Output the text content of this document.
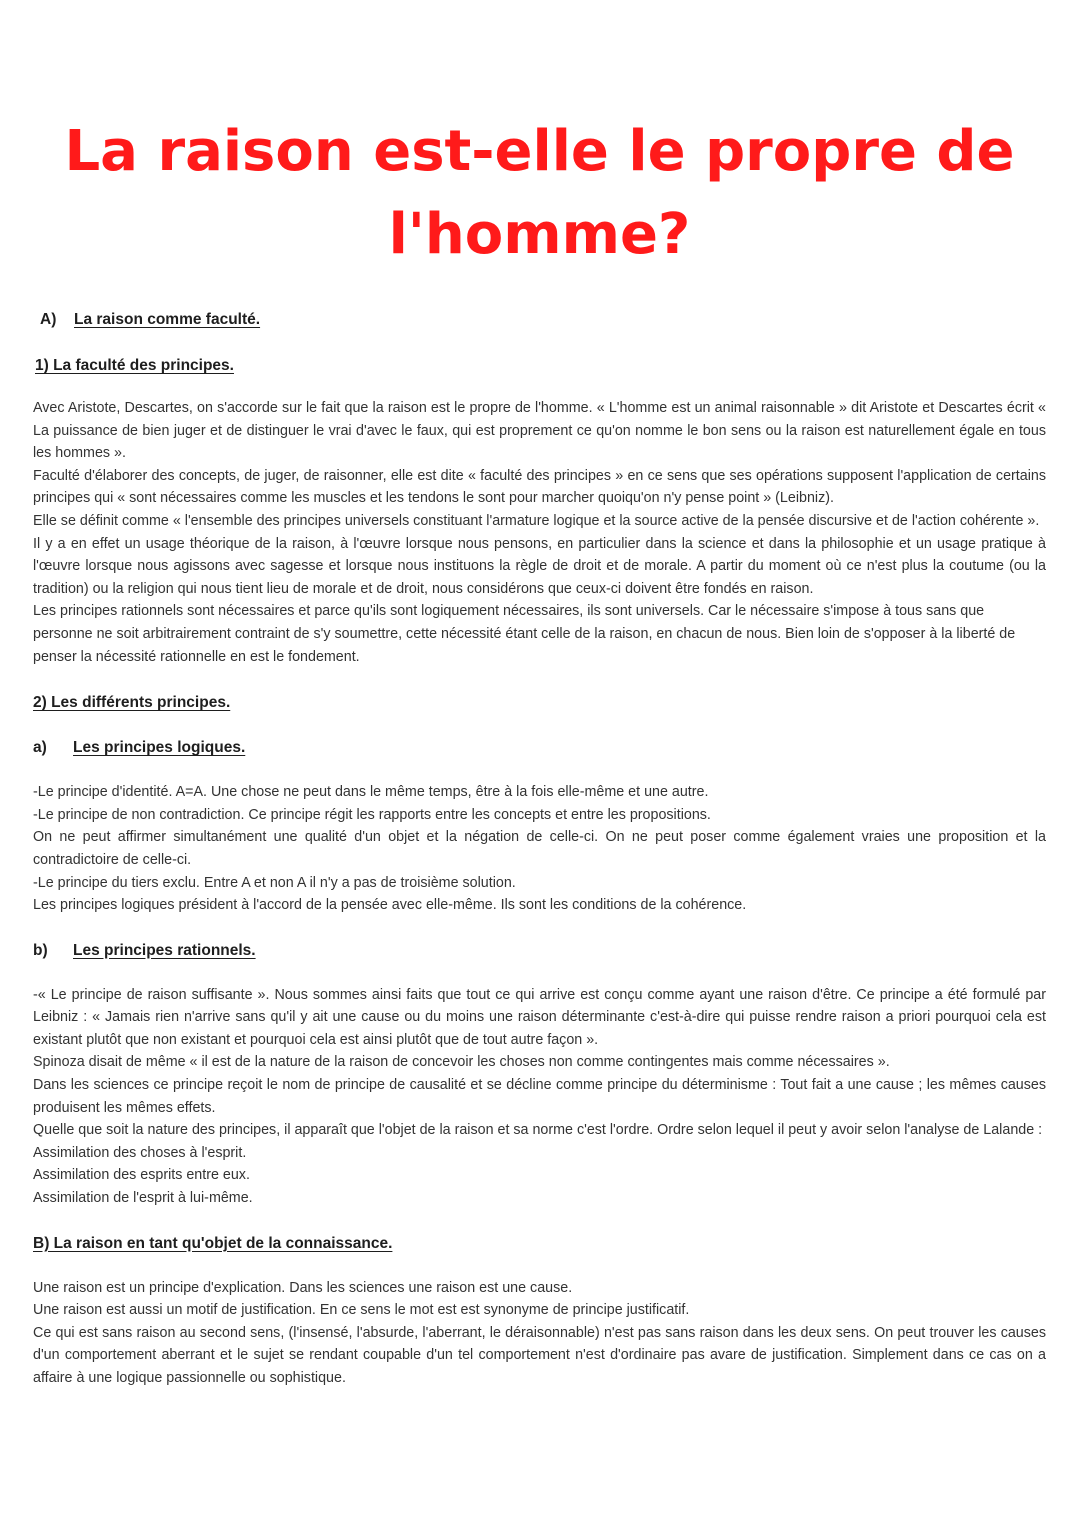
La raison est-elle le propre de l'homme?
A) La raison comme faculté.
1) La faculté des principes.

Avec Aristote, Descartes, on s'accorde sur le fait que la raison est le propre de l'homme. « L'homme est un animal raisonnable » dit Aristote et Descartes écrit « La puissance de bien juger et de distinguer le vrai d'avec le faux, qui est proprement ce qu'on nomme le bon sens ou la raison est naturellement égale en tous les hommes ».

Faculté d'élaborer des concepts, de juger, de raisonner, elle est dite « faculté des principes » en ce sens que ses opérations supposent l'application de certains principes qui « sont nécessaires comme les muscles et les tendons le sont pour marcher quoiqu'on n'y pense point » (Leibniz).

Elle se définit comme « l'ensemble des principes universels constituant l'armature logique et la source active de la pensée discursive et de l'action cohérente ».

Il y a en effet un usage théorique de la raison, à l'œuvre lorsque nous pensons, en particulier dans la science et dans la philosophie et un usage pratique à l'œuvre lorsque nous agissons avec sagesse et lorsque nous instituons la règle de droit et de morale. A partir du moment où ce n'est plus la coutume (ou la tradition) ou la religion qui nous tient lieu de morale et de droit, nous considérons que ceux-ci doivent être fondés en raison.

Les principes rationnels sont nécessaires et parce qu'ils sont logiquement nécessaires, ils sont universels. Car le nécessaire s'impose à tous sans que personne ne soit arbitrairement contraint de s'y soumettre, cette nécessité étant celle de la raison, en chacun de nous. Bien loin de s'opposer à la liberté de penser la nécessité rationnelle en est le fondement.

2) Les différents principes.
a) Les principes logiques.

-Le principe d'identité. A=A. Une chose ne peut dans le même temps, être à la fois elle-même et une autre.

-Le principe de non contradiction. Ce principe régit les rapports entre les concepts et entre les propositions.

On ne peut affirmer simultanément une qualité d'un objet et la négation de celle-ci. On ne peut poser comme également vraies une proposition et la contradictoire de celle-ci.

-Le principe du tiers exclu. Entre A et non A il n'y a pas de troisième solution.

Les principes logiques président à l'accord de la pensée avec elle-même. Ils sont les conditions de la cohérence.

b) Les principes rationnels.

-« Le principe de raison suffisante ». Nous sommes ainsi faits que tout ce qui arrive est conçu comme ayant une raison d'être. Ce principe a été formulé par Leibniz : « Jamais rien n'arrive sans qu'il y ait une cause ou du moins une raison déterminante c'est-à-dire qui puisse rendre raison a priori pourquoi cela est existant plutôt que non existant et pourquoi cela est ainsi plutôt que de tout autre façon ».

Spinoza disait de même « il est de la nature de la raison de concevoir les choses non comme contingentes mais comme nécessaires ».

Dans les sciences ce principe reçoit le nom de principe de causalité et se décline comme principe du déterminisme : Tout fait a une cause ; les mêmes causes produisent les mêmes effets.

Quelle que soit la nature des principes, il apparaît que l'objet de la raison et sa norme c'est l'ordre. Ordre selon lequel il peut y avoir selon l'analyse de Lalande :

Assimilation des choses à l'esprit.

Assimilation des esprits entre eux.

Assimilation de l'esprit à lui-même.

B) La raison en tant qu'objet de la connaissance.

Une raison est un principe d'explication. Dans les sciences une raison est une cause.

Une raison est aussi un motif de justification. En ce sens le mot est est synonyme de principe justificatif.

Ce qui est sans raison au second sens, (l'insensé, l'absurde, l'aberrant, le déraisonnable) n'est pas sans raison dans les deux sens. On peut trouver les causes d'un comportement aberrant et le sujet se rendant coupable d'un tel comportement n'est d'ordinaire pas avare de justification. Simplement dans ce cas on a affaire à une logique passionnelle ou sophistique.
